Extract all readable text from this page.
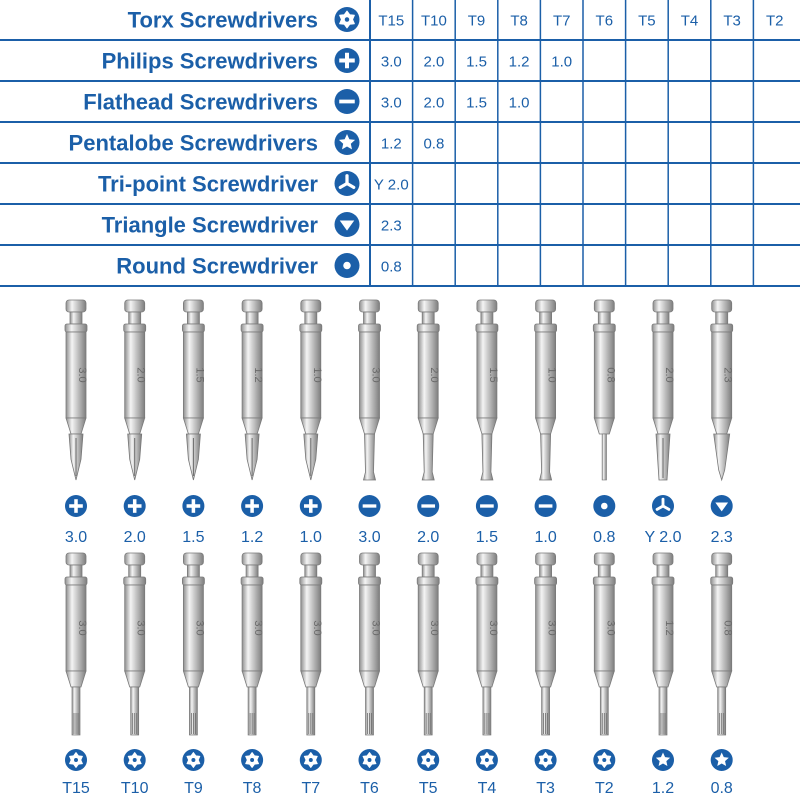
Torx Screwdrivers	T15 T10 T9 T8 T7 T6 T5 T4 T3 T2
Philips Screwdrivers	3.0 2.0 1.5 1.2 1.0
Flathead Screwdrivers	3.0 2.0 1.5 1.0
Pentalobe Screwdrivers	1.2 0.8
Tri-point Screwdriver	Y 2.0
Triangle Screwdriver	2.3
Round Screwdriver	0.8
3.0
3.0
2.0
2.0
1.5
1.5
1.2
1.2
1.0
1.0
3.0
3.0
2.0
2.0
1.5
1.5
1.0
1.0
0.8
0.8
2.0
Y 2.0
2.3
2.3
3.0
T15
3.0
T10
3.0
T9
3.0
T8
3.0
T7
3.0
T6
3.0
T5
3.0
T4
3.0
T3
3.0
T2
1.2
1.2
0.8
0.8
